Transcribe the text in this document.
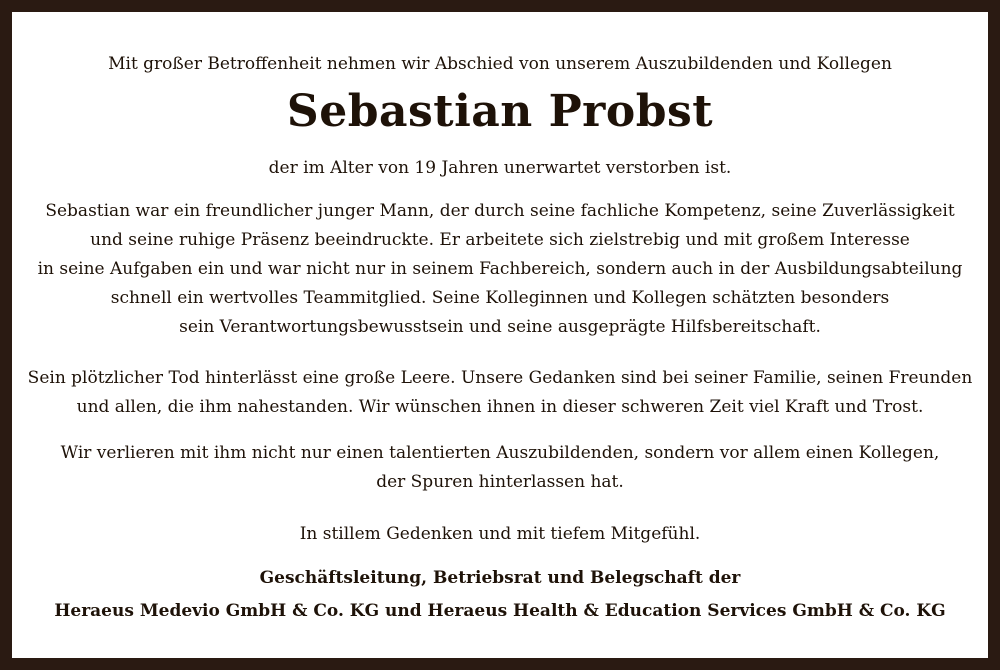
Mit großer Betroffenheit nehmen wir Abschied von unserem Auszubildenden und Kollegen
Sebastian Probst
der im Alter von 19 Jahren unerwartet verstorben ist.
Sebastian war ein freundlicher junger Mann, der durch seine fachliche Kompetenz, seine Zuverlässigkeit
und seine ruhige Präsenz beeindruckte. Er arbeitete sich zielstrebig und mit großem Interesse
in seine Aufgaben ein und war nicht nur in seinem Fachbereich, sondern auch in der Ausbildungsabteilung
schnell ein wertvolles Teammitglied. Seine Kolleginnen und Kollegen schätzten besonders
sein Verantwortungsbewusstsein und seine ausgeprägte Hilfsbereitschaft.
Sein plötzlicher Tod hinterlässt eine große Leere. Unsere Gedanken sind bei seiner Familie, seinen Freunden
und allen, die ihm nahestanden. Wir wünschen ihnen in dieser schweren Zeit viel Kraft und Trost.
Wir verlieren mit ihm nicht nur einen talentierten Auszubildenden, sondern vor allem einen Kollegen,
der Spuren hinterlassen hat.
In stillem Gedenken und mit tiefem Mitgefühl.
Geschäftsleitung, Betriebsrat und Belegschaft der
Heraeus Medevio GmbH & Co. KG und Heraeus Health & Education Services GmbH & Co. KG
